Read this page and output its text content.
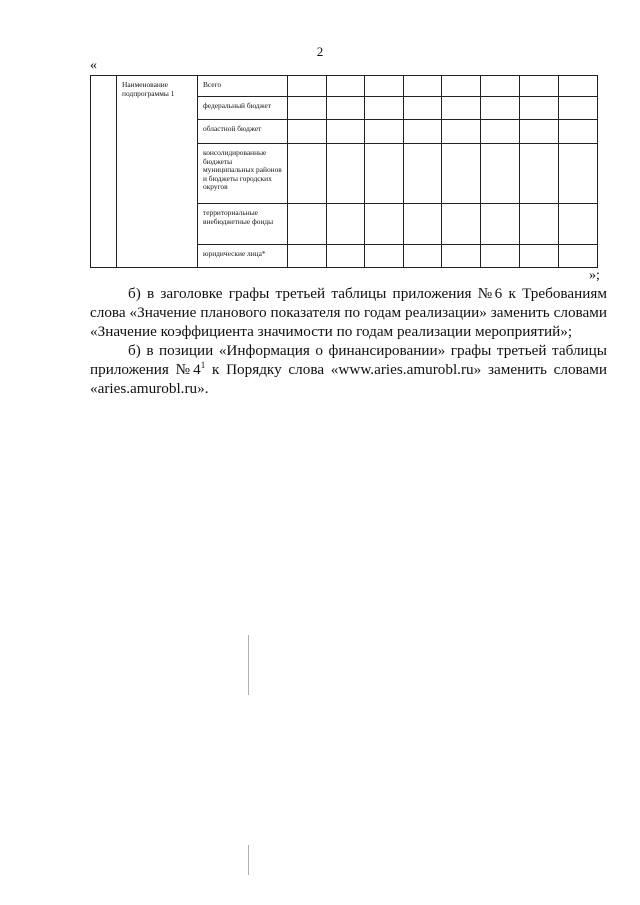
2
«

	Наименование подпрограммы 1	Всего								

		федеральный бюджет								

		областной бюджет								

		консолидированные бюджеты муниципальных районов и бюджеты городских округов								

		территориальные внебюджетные фонды								

		юридические лица*								

»;

б) в заголовке графы третьей таблицы приложения №6 к Требованиям слова «Значение планового показателя по годам реализации» заменить словами «Значение коэффициента значимости по годам реализации мероприятий»;

б) в позиции «Информация о финансировании» графы третьей таблицы приложения №4$^1$ к Порядку слова «www.aries.amurobl.ru» заменить словами «aries.amurobl.ru».
